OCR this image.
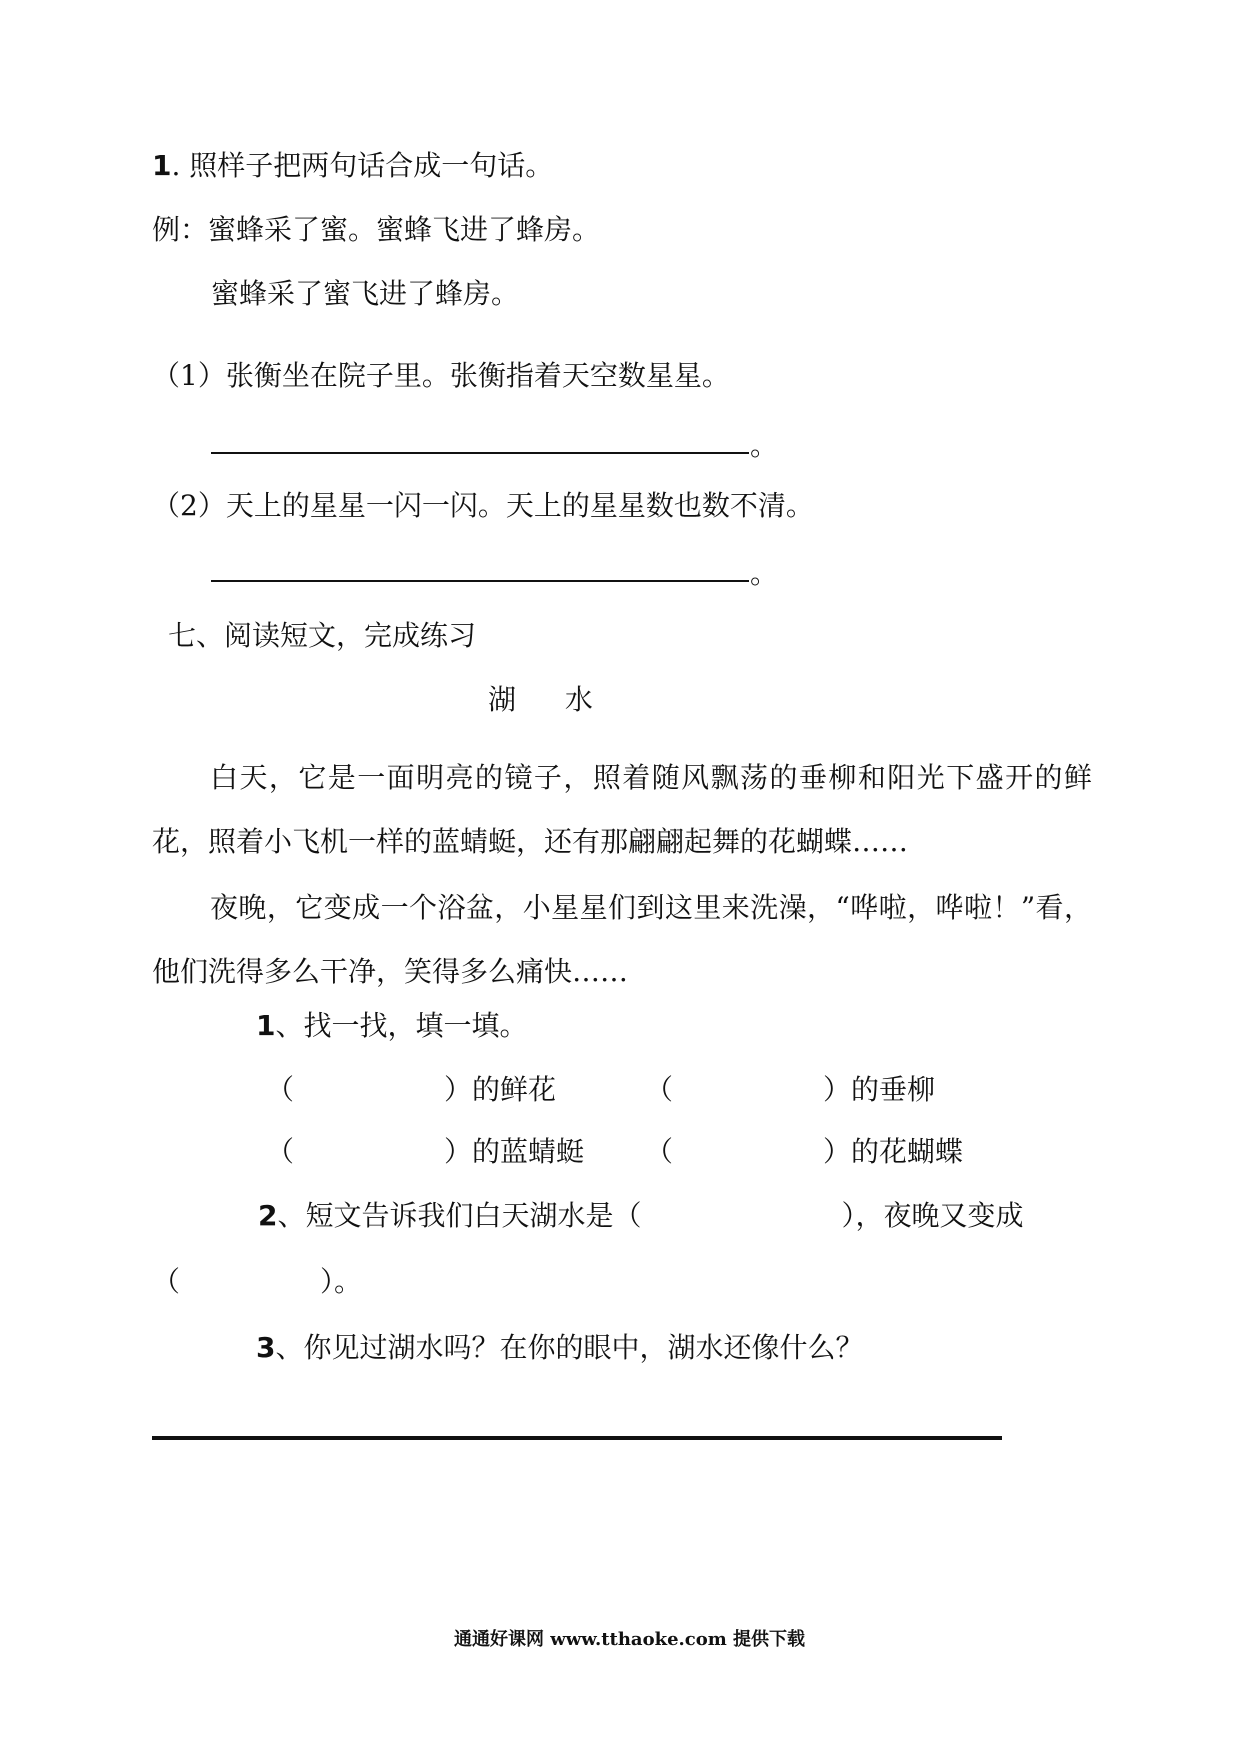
1. 照样子把两句话合成一句话。
例：蜜蜂采了蜜。蜜蜂飞进了蜂房。
蜜蜂采了蜜飞进了蜂房。
（1）张衡坐在院子里。张衡指着天空数星星。
。
（2）天上的星星一闪一闪。天上的星星数也数不清。
。
七、阅读短文，完成练习
湖 水
白天，它是一面明亮的镜子，照着随风飘荡的垂柳和阳光下盛开的鲜花，照着小飞机一样的蓝蜻蜓，还有那翩翩起舞的花蝴蝶……
夜晚，它变成一个浴盆，小星星们到这里来洗澡，“哗啦，哗啦！”看，他们洗得多么干净，笑得多么痛快……
1、找一找，填一填。
（	）的鲜花	（	）的垂柳
（	）的蓝蜻蜓 （	）的花蝴蝶
2、短文告诉我们白天湖水是（	），夜晚又变成
（	）。
3、你见过湖水吗？在你的眼中，湖水还像什么？
通通好课网 www.tthaoke.com 提供下载
